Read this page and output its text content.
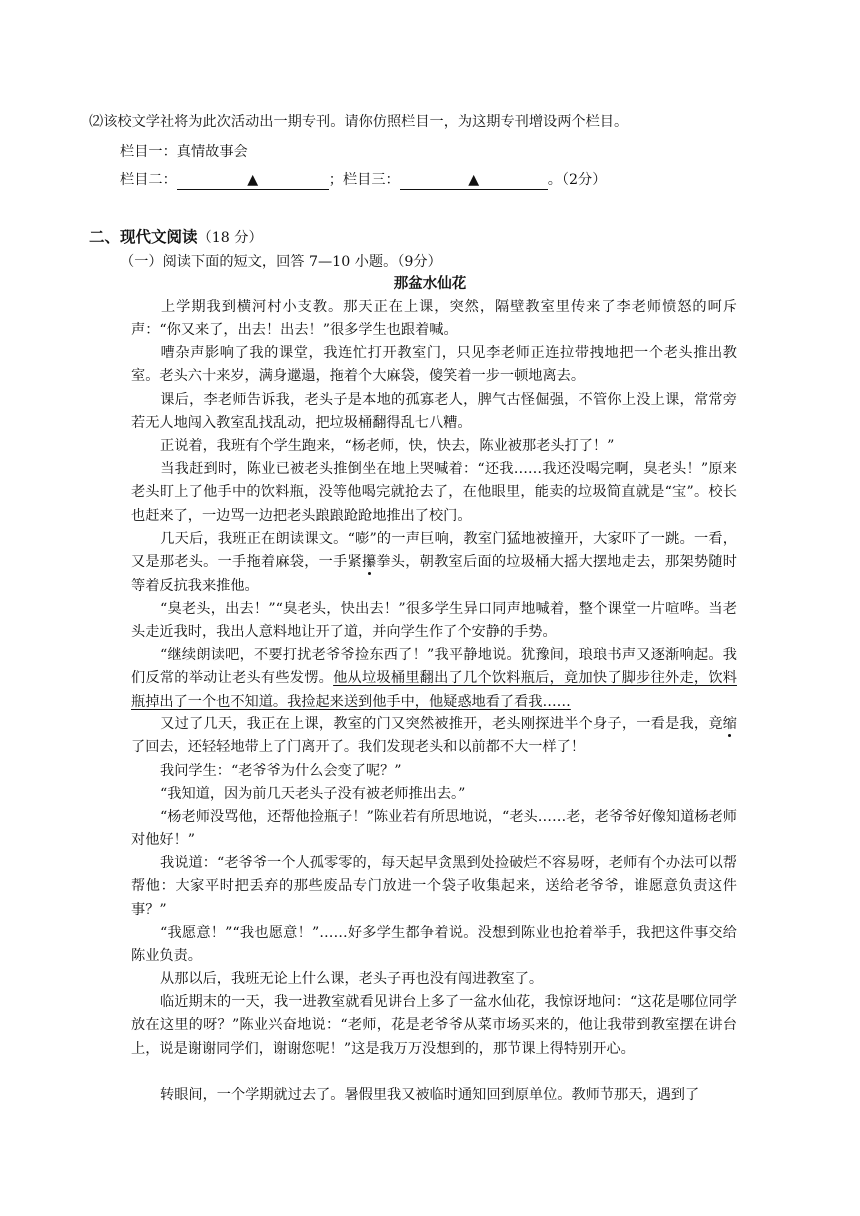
⑵该校文学社将为此次活动出一期专刊。请你仿照栏目一，为这期专刊增设两个栏目。
栏目一：真情故事会
栏目二：	▲	；栏目三：	▲	。（2分）
二、现代文阅读（18 分）
（一）阅读下面的短文，回答 7—10 小题。（9分）
那盆水仙花
上学期我到横河村小支教。那天正在上课，突然，隔壁教室里传来了李老师愤怒的呵斥声：“你又来了，出去！出去！”很多学生也跟着喊。
嘈杂声影响了我的课堂，我连忙打开教室门，只见李老师正连拉带拽地把一个老头推出教室。老头六十来岁，满身邋遢，拖着个大麻袋，傻笑着一步一顿地离去。
课后，李老师告诉我，老头子是本地的孤寡老人，脾气古怪倔强，不管你上没上课，常常旁若无人地闯入教室乱找乱动，把垃圾桶翻得乱七八糟。
正说着，我班有个学生跑来，“杨老师，快，快去，陈业被那老头打了！”
当我赶到时，陈业已被老头推倒坐在地上哭喊着：“还我……我还没喝完啊，臭老头！”原来老头盯上了他手中的饮料瓶，没等他喝完就抢去了，在他眼里，能卖的垃圾简直就是“宝”。校长也赶来了，一边骂一边把老头踉踉跄跄地推出了校门。
几天后，我班正在朗读课文。“嘭”的一声巨响，教室门猛地被撞开，大家吓了一跳。一看，又是那老头。一手拖着麻袋，一手紧攥拳头，朝教室后面的垃圾桶大摇大摆地走去，那架势随时等着反抗我来推他。
“臭老头，出去！”“臭老头，快出去！”很多学生异口同声地喊着，整个课堂一片喧哗。当老头走近我时，我出人意料地让开了道，并向学生作了个安静的手势。
“继续朗读吧，不要打扰老爷爷捡东西了！”我平静地说。犹豫间，琅琅书声又逐渐响起。我们反常的举动让老头有些发愣。他从垃圾桶里翻出了几个饮料瓶后，竟加快了脚步往外走，饮料瓶掉出了一个也不知道。我捡起来送到他手中，他疑惑地看了看我……
又过了几天，我正在上课，教室的门又突然被推开，老头刚探进半个身子，一看是我，竟缩了回去，还轻轻地带上了门离开了。我们发现老头和以前都不大一样了！
我问学生：“老爷爷为什么会变了呢？”
“我知道，因为前几天老头子没有被老师推出去。”
“杨老师没骂他，还帮他捡瓶子！”陈业若有所思地说，“老头……老，老爷爷好像知道杨老师对他好！”
我说道：“老爷爷一个人孤零零的，每天起早贪黑到处捡破烂不容易呀，老师有个办法可以帮帮他：大家平时把丢弃的那些废品专门放进一个袋子收集起来，送给老爷爷，谁愿意负责这件事？”
“我愿意！”“我也愿意！”……好多学生都争着说。没想到陈业也抢着举手，我把这件事交给陈业负责。
从那以后，我班无论上什么课，老头子再也没有闯进教室了。
临近期末的一天，我一进教室就看见讲台上多了一盆水仙花，我惊讶地问：“这花是哪位同学放在这里的呀？”陈业兴奋地说：“老师，花是老爷爷从菜市场买来的，他让我带到教室摆在讲台上，说是谢谢同学们，谢谢您呢！”这是我万万没想到的，那节课上得特别开心。
转眼间，一个学期就过去了。暑假里我又被临时通知回到原单位。教师节那天，遇到了
